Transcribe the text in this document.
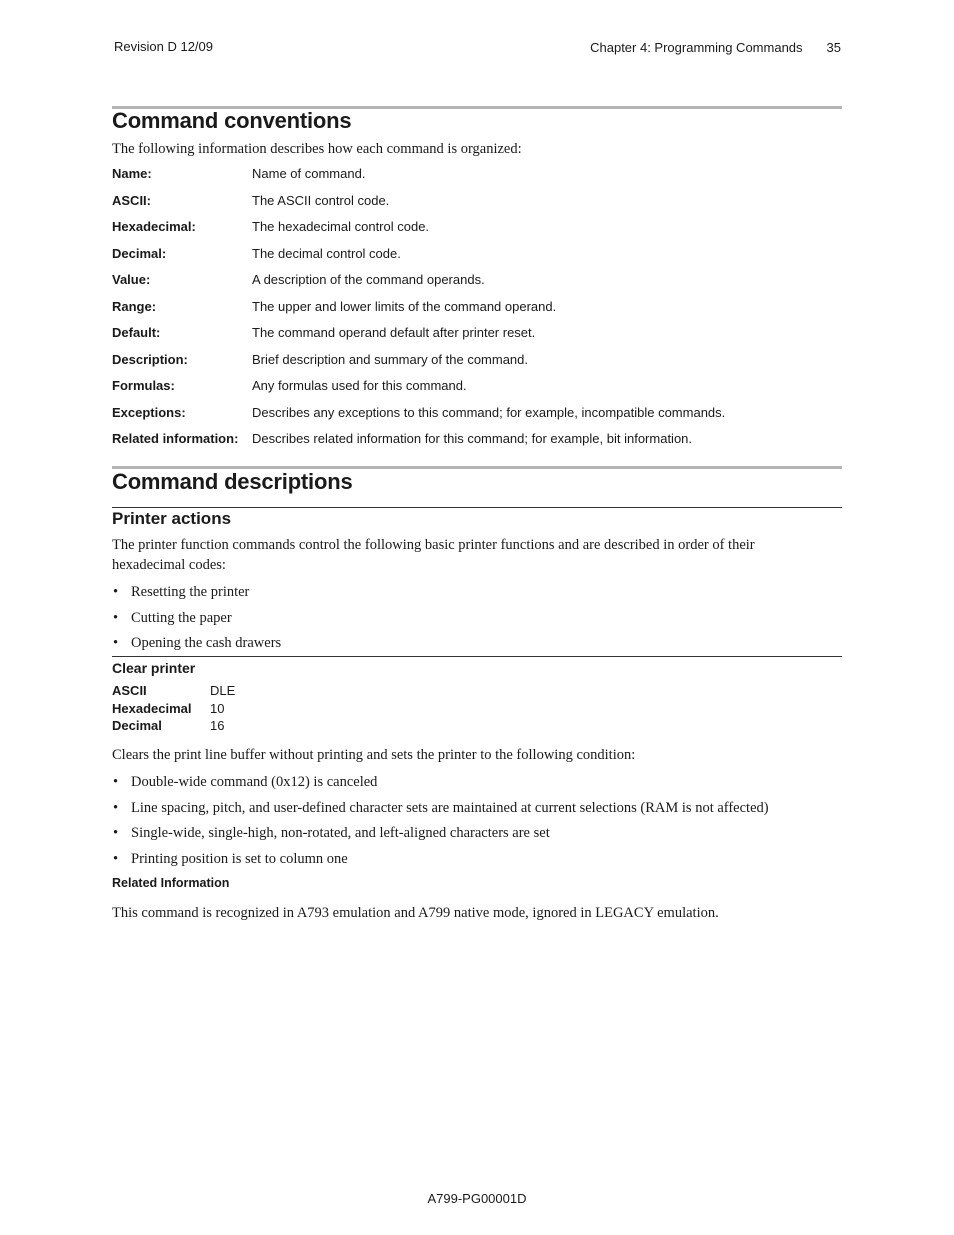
Revision D 12/09	Chapter 4: Programming Commands 35
Command conventions
The following information describes how each command is organized:
Name:	Name of command.
ASCII:	The ASCII control code.
Hexadecimal:	The hexadecimal control code.
Decimal:	The decimal control code.
Value:	A description of the command operands.
Range:	The upper and lower limits of the command operand.
Default:	The command operand default after printer reset.
Description:	Brief description and summary of the command.
Formulas:	Any formulas used for this command.
Exceptions:	Describes any exceptions to this command; for example, incompatible commands.
Related information: Describes related information for this command; for example, bit information.
Command descriptions
Printer actions
The printer function commands control the following basic printer functions and are described in order of their hexadecimal codes:
• Resetting the printer
• Cutting the paper
• Opening the cash drawers
Clear printer
ASCII	DLE
Hexadecimal 10
Decimal	16
Clears the print line buffer without printing and sets the printer to the following condition:
• Double-wide command (0x12) is canceled
• Line spacing, pitch, and user-defined character sets are maintained at current selections (RAM is not affected)
• Single-wide, single-high, non-rotated, and left-aligned characters are set
• Printing position is set to column one
Related Information
This command is recognized in A793 emulation and A799 native mode, ignored in LEGACY emulation.
A799-PG00001D
